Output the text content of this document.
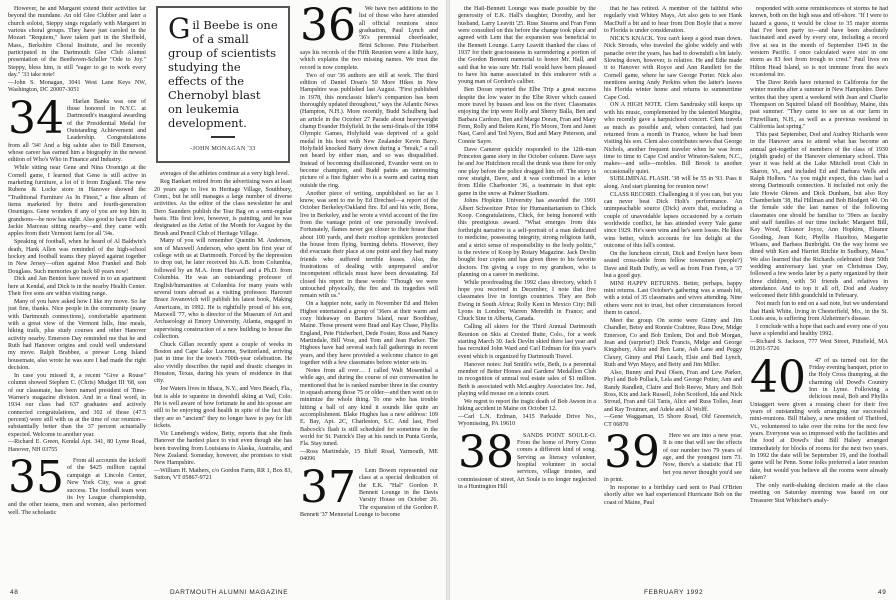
However, he and Margaret extend their activities far beyond the mundane. An old Glee Clubber and later a church soloist, Steppy sings regularly with Margaret in various choral groups. They have just caroled in the Mozart "Requiem," have taken part in the Sheffield, Mass., Berkshire Choral Institute, and he recently participated in the Dartmouth Glee Club Alumni presentation of the Beethoven-Schiller "Ode to Joy." Steppy, bless him, is still "eager to go to work every day." '33 take note!

—John S. Monagan, 3041 West Lane Keys NW, Washington, DC 20007-3051

34	Harlan Banks was one of those honored in N.Y.C. at Dartmouth's inaugural awarding of the Presidential Medal for Outstanding Achievement and Leadership. Congratulations from all '34! And a big salute also to Bill Emerson, whose career has earned him a biography in the newest edition of Who's Who in Finance and Industry.

While sitting near Gene and Nina Orsenigo at the Cornell game, I learned that Gene is still active in marketing furniture, a lot of it from England. The new Rubens & Locke store in Hanover showed the "Traditional Furniture As In Finest," a fine album of items marketed by theirs and fourth-generation Orsenigos. Gene wonders if any of you are top him in grandsons—he now has eight. Also good to have Ed and Jackie Marceau sitting nearby—and they came with apples from their Vermont farm for all '34s.

Speaking of football, when he heard of Al Baldwin's death, Hank Allen was reminded of the high-school hockey and football teams they played against together in New Jersey—often against Moe Frankel and Bob Douglass. Such memories go back 60 years now!

Dick and Jan Benton have moved in to an apartment here at Kendal, and Dick is in the nearby Health Center. Their five sons are within visiting range.

Many of you have asked how I like my move. So far just fine, thanks. Nice people in the community (many with Dartmouth connections), comfortable apartment with a great view of the Vermont hills, fine meals, hiking trails, plus study courses and other Hanover activity nearby. Emerson Day reminded me that he and Ruth had Hanover origins and could well understand my move. Ralph Brabbee, a prewar Long Island housemate, also wrote he was sure I had made the right decision.

In case you missed it, a recent "Give a Rouse" column showed Stephen C. (Chris) Mudget III '68, son of our classmate, has been named president of Time-Warner's magazine division. And in a final word, in 1934 our class had 637 graduates and actively connected congratulations, and 302 of those (47.5 percent) were still with us at the time of our reunion—substantially better than the 37 percent actuarially expected. Welcome to another year.

—Richard E. Green, Kendal Apt. 341, 80 Lyme Road, Hanover, NH 03755

35	From all accounts the kickoff of the $425 million capital campaign at Lincoln Center, New York City, was a great success. The football team won its Ivy League championship, and the other teams, men and women, also performed well. The scholastic

Gil Beebe is one of a small group of scientists studying the effects of the Chernobyl blast on leukemia development.
-JOHN MONAGAN '33

averages of the athletes continue at a very high level.

Reg Bankart retired from the advertising wars at least 20 years ago to live in Heritage Village, Southbury, Conn., but he still manages a large number of diverse activities. As the editor of the class newsletter he and Dero Saunders publish the Tear Bag on a semi-regular basis. His first love, however, is painting, and he was designated as the Artist of the Month for August by the Brush and Pencil Club of Heritage Village.

Many of you will remember Quentin M. Anderson, son of Maxwell Anderson, who spent his first year of college with us at Dartmouth. Forced by the depression to drop out, he later received his A.B. from Columbia, followed by an M.A. from Harvard and a Ph.D. from Columbia. He was an outstanding professor of English/humanities at Columbia for many years with several tours abroad as a visiting professor. Harcourt Brace Jovanovich will publish his latest book, Making Americans, in 1992. He is rightfully proud of his son, Maxwell '77, who is director of the Museum of Art and Archaeology at Emory University, Atlanta, engaged in supervising construction of a new building to house the collection.

Chuck Gillan recently spent a couple of weeks in Boston and Cape Lake Lucerne, Switzerland, arriving just in time for the town's 700th-year celebration. He also vividly describes the rapid and drastic changes in Houston, Texas, during his years of residence in that city.

Joe Waters lives in Ithaca, N.Y., and Vero Beach, Fla., but is able to squeeze in downhill skiing at Vail, Colo. He is well aware of how fortunate he and his spouse are still to be enjoying good health in spite of the fact that they are so "ancient" they no longer have to pay for lift tickets.

Vic Lunebeng's widow, Betty, reports that she finds Hanover the hardest place to visit even though she has been traveling from Louisiana to Alaska, Australia, and New Zealand. Someday, however, she promises to visit New Hampshire.

—William H. Mathers, c/o Gordon Farm, RR 1, Box 83, Sutton, VT 05867-9721

36	We have two additions to the list of those who have attended all official reunions since graduation, Paul Lynch and '36's perennial cheerleader, Brint Schoree. Pete Fitzherbert says his records of the Fifth Reunion were a little hazy, which explains the two missing names. We trust the record is now complete.

Two of our '36 authors are still at work. The third edition of Daniel Doan's 50 More Hikes in New Hampshire was published last August. "First published in 1978, this nonclassic hiker's companion has been thoroughly updated throughout," says the Atlantic News (Hampton, N.H.). More recently, Budd Schulberg had an article in the October 27 Parade about heavyweight champ Evander Holyfield. In the semi-finals of the 1984 Olympic Games, Holyfield was deprived of a gold medal in his bout with New Zealander Kevin Barry. Holyfield knocked Barry down during a "break," a call not heard by either man, and so was disqualified. Instead of becoming disillusioned, Evander went on to become champion, and Budd paints an interesting picture of a fine fighter who is a warm and caring man outside the ring.

Another piece of writing, unpublished so far as I know, was sent to me by Ed Drechsel—a report of the October Berkeley/Oakland fire. Ed and his wife, Bona, live in Berkeley, and he wrote a vivid account of the fire from the vantage point of one personally involved. Fortunately, flames never got closer to their house than about 100 yards, and their rooftop sprinklers protected the house from flying, burning debris. However, they did evacuate their place at one point and they had many friends who suffered terrible losses. Also, the frustrations of dealing with unprepared and/or incompetent officials must have been devastating. Ed closed his report in these words: "Though we were untouched physically, the fire and its tragedies will remain with us."

On a happier note, early in November Ed and Helen Higbee entertained a group of '36ers at their warm and cozy hideaway on Barters Island, near Boothbay, Maine. Those present were Brad and Kay Chase, Phyllis England, Pete Fitzherbert, Dede Foster, Ross and Nancy Martindale, Bill Vose, and Tom and Jean Parker. The Higbees have had several such fall gatherings in recent years, and they have provided a welcome chance to get together with a few classmates before winter sets in.

Notes from all over… I called Walt Mosenthal a while ago, and during the course of our conversation he mentioned that he is ranked number three in the country in squash among those 75 or older—and then went on to minimize the whole thing. To one who has trouble hitting a ball of any kind it sounds like quite an accomplishment. Blake Hughes has a new address: 109 E. Bay, Apt. 2C, Charleston, S.C. And last, Fred Babcock's flash is still scheduled for sometime in the world for St. Patrick's Day at his ranch in Punta Gorda, Fla. Stay tuned.

—Ross Martindale, 15 Bluff Road, Yarmouth, ME 04096

37	Lem Bowen represented our class at a special dedication of the E.K. "Hal" Gordon P. Bennett Lounge in the Davis Varsity House on October 26. The expansion of the Gordon P. Bennett '37 Memorial Lounge to become

48	DARTMOUTH ALUMNI MAGAZINE

the Hall-Bennett Lounge was made possible by the generosity of E.K. Hall's daughter, Dorothy, and her husband, Larry Leavitt '25. Russ Stearns and Fran Fenn were consulted on this before the change took place and agreed with Lem that the expansion was beneficial to the Bennett Lounge. Larry Leavitt thanked the class of 1937 for their graciousness in surrendering a portion of the Gordon Bennett memorial to honor Mr. Hall, and said that he was sure Mr. Hall would have been pleased to have his name associated in this endeavor with a young man of Gordon's caliber.

Ben Doran reported the Elbe Trip a great success despite the low water in the Elbe River which caused more travel by busses and less on the river. Classmates enjoying the trip were Rolly and Sherry Balla, Ben and Barbara Cardozo, Ben and Marge Doran, Fran and Mary Fenn, Rolly and Belem Kent, Flo Moore, Tom and Janet Nast, Carol and Ted Nyers, Bud and Mary Peterson, and Connie Sayre.

Dave Camerer quickly responded to the 12th-man Princeton game story in the October column. Dave says he and Joe Hutchison recall the drunk was there for only one play before the police dragged him off. The story is now straight, Dave, and it was confirmed in a letter from Eldie Charbonier '36, a teammate in that epic game in the snow at Palmer Stadium.

Johns Hopkins University has awarded the 1991 Albert Schweitzer Prize for Humanitarianism to Chick Koop. Congratulations, Chick, for being honored with this prestigious award. "What emerges from this forthright narrative is a self-portrait of a man dedicated to medicine, possessing integrity, strong religious faith, and a strict sense of responsibility to the body politic," is the review of Koop by Rotary Magazine. Jack Devlin bought four copies and has given three to his favorite doctors. I'm giving a copy to my grandson, who is planning on a career in medicine.

While proofreading the 1992 class directory, which I hope you received in December, I note that five classmates live in foreign countries. They are Bob Ewing in South Africa; Rolly Kent in Mexico City; Bill Lyons in London; Warren Meredith in France; and Chuck Sine in Alberta, Canada.

Calling all skiers for the Third Annual Dartmouth Reunion on Skis at Crested Butte, Colo., for a week starting March 30. Jack Devlin skied there last year and has recruited John Ward and Carl Erdman for this year's event which is organized by Dartmouth Travel.

Hanover notes: Jud Smith's wife, Beth, is a perennial member of Better Homes and Gardens' Medallion Club in recognition of annual real estate sales of $1 million. Beth is associated with McLaughry Associates Inc. Jud, playing wild mouse on a tennis court.

We regret to report the tragic death of Bob Awson in a hiking accident in Maine on October 12.

—Carl L.N. Erdman, 1415 Parkside Drive No., Wyomissing, PA 19610

38	SANDS POINT SOULE-O. From the home of Perry Como comes a different kind of song. Serving as literacy volunteer, hospital volunteer in social services, village trustee, and commissioner of street, Art Soule is no longer neglected in a Huntington Hill

that he has retired. A member of the faithful who regularly visit Whitey Mays, Art also gets to see Hank MacDuff a bit and to hear from Don Boyle that a move to Florida is under consideration.

NICK'S KNACK. You can't keep a good man down. Nick Strouds, who traveled the globe widely and with panache over the years, has had to downshift a bit lately. Slowing down, however, is relative. He and Edie made it to Hanover with Royce and Ann Randlett for the Cornell game, where he saw George Porter. Nick also mentions seeing Andy Perkins when the latter's leaves his Florida winter home and returns to summertime Cape Cod.

ON A HIGH NOTE. Clem Sandrusky still keeps up with his music, complemented by the talented Margitta, who recently gave a harpsichord concert. Clem travels as much as possible and, when contacted, had just returned from a month in France, where he had been visiting his son. Clem also contributes news that George Nichols, another frequent traveler when he was from time to time to Cape Cod and/or Winston-Salem, N.C., makes—and sells—mobiles. Bill Brook is another occasionally quiet.

SUBLIMINAL FLASH. '38 will be 55 in '93. Pass it along. And start planning for reunion now!

CLASS RECORD. Challenging it if you can, but you can never beat Dick Holt's performance. An unimpeachable source (Dick) avers that, excluding a couple of unavoidable lapses occasioned by a certain worldwide conflict, he has attended every Yale game since 1929. He's seen wins and he's seen losses. He likes wins better, which accounts for his delight at the outcome of this fall's contest.

On the luncheon circuit, Dick and Evelyn have been seated cross-table from fellow townsmen (people?) Dave and Ruth Duffy, as well as from Fran Fenn, a '37 but a good guy.

MINI HAPPY RETURNS. Better, perhaps, happy mini returns. Last October's gathering was a smash hit, with a total of 35 classmates and wives attending. Nine others were not to trust, but other circumstances forced them to cancel.

Meet the group. On scene were Ginny and Jim Chandler, Betsy and Ronnie Crabtree, Russ Dow, Midge Emerson, Co and Bob Emlem, Dot and Bob Morgan, Jean and (surprise!) Dick Francis, Midge and George Kingsbury, Alice and Ben Lane, Ash Lane and Peggy Claxey, Ginny and Phil Leach, Elsie and Bud Lynch, Ruth and Wyn Mayo, and Betty and Jim Miller.

Also, Bunny and Paul Olsen, Fran and Lew Parker, Phyl and Bob Pollack, Lela and George Potter, Ann and Randy Randlett, Claire and Bob Reeve, Mary and Bob Ross, Kix and Jack Russell, John Scotford, Ida and Nick Stroud, Fran and Gil Tanis, Alice and Russ Tolles, Jean and Ray Troutner, and Adele and Al Wolff.

—Gene Waggaman, 15 Shore Road, Old Greenwich, CT 06870

39	Here we are into a new year. It is one that will see the effects of our number two 79 years of age, and the youngest turn 73. Now, there's a statistic that I'll bet you never thought you'd see in print.

In response to a birthday card sent to Paul O'Brien shortly after we had experienced Hurricane Bob on the coast of Maine, Paul

responded with some reminiscences of storms he had known, both on the high seas and off-shore. "If I were to hazard a guess, it would be close to 35 major storms that I've been party to—and have been absolutely fascinated and awed by every one, including a record five at sea in the month of September 1945 in the western Pacific. I once calculated wave size in one storm as 83 feet from trough to crest." Paul lives on Hilton Head Island, so is not immune from the sea's occasional ire.

The Dave Reids have returned to California for the winter months after a summer in New Hampshire. Dave writes that they spent a weekend with Jean and Charlie Thompson on Squirrel Island off Boothbay, Maine, this past summer. "They came to see us at our farm in Fitzwilliam, N.H., as well as a previous weekend in California last spring."

This past September, Dod and Audrey Richards were in the Hanover area to attend what has become an annual get-together of members of the class of 1930 (eighth grade) of the Hanover elementary school. This year it was held at the Lake Mitchell trout Club in Sharon, Vt., and included Ed and Barbara Wells and Ralph Holben. "As you might expect, this class had a strong Dartmouth connection. It included not only the late Howie Okrees and Dick Dunham, but also Roy Chamberlain '38, Hal Hillman and Bob Blodgett '40. On the female side the last names of the following classmates one should be familiar to '39ers as faculty and staff families of our time include: Margaret Bill, Kay Wood, Eleanor Joyce, Ann Hopkins, Eleanor Gooding, Jean Keir, Phyllis Hazeltoo, Margarite Wisans, and Barbara Bunbright. On the way home we dined with Ken and Harriet Ritchie in Sudbury, Mass." We also learned that the Richards celebrated their 50th wedding anniversary last year on Christmas Day, followed a few weeks later by a party organized by their three children, with 50 friends and relatives in attendance. And to top it all off, Dod and Audrey welcomed their fifth grandchild in February.

Not much fun to end on a sad note, but we understand that Hank White, living in Chesterfield, Mo., in the St. Louis area, is suffering from Alzheimer's disease.

I conclude with a hope that each and every one of you have a splendid and healthy 1992.

—Richard S. Jackson, 777 West Street, Pittsfield, MA 01201-5726

40	47 of us turned out for the Friday evening banquet, prior to the Holy Cross thumping, at the charming old Dowd's Country Inn in Lyme. Following a delicious meal, Bob and Phyllis Untaggert were given a rousing cheer for their five years of outstanding work arranging our successful mini-reunions. Bill Halsey, a new resident of Thetford, Vt., volunteered to take over the reins for the next few years. Everyone was so impressed with the facilities and the food at Dowd's that Bill Halsey arranged immediately for blocks of rooms for the next two years. In 1992 the date will be September 19, and the football game will be Penn. Some folks preferred a later reunion date, but would you believe all the rooms were already taken?

The only earth-shaking decision made at the class meeting on Saturday morning was based on our Treasurer Stut Whitcher's analy-

FEBRUARY 1992	49
